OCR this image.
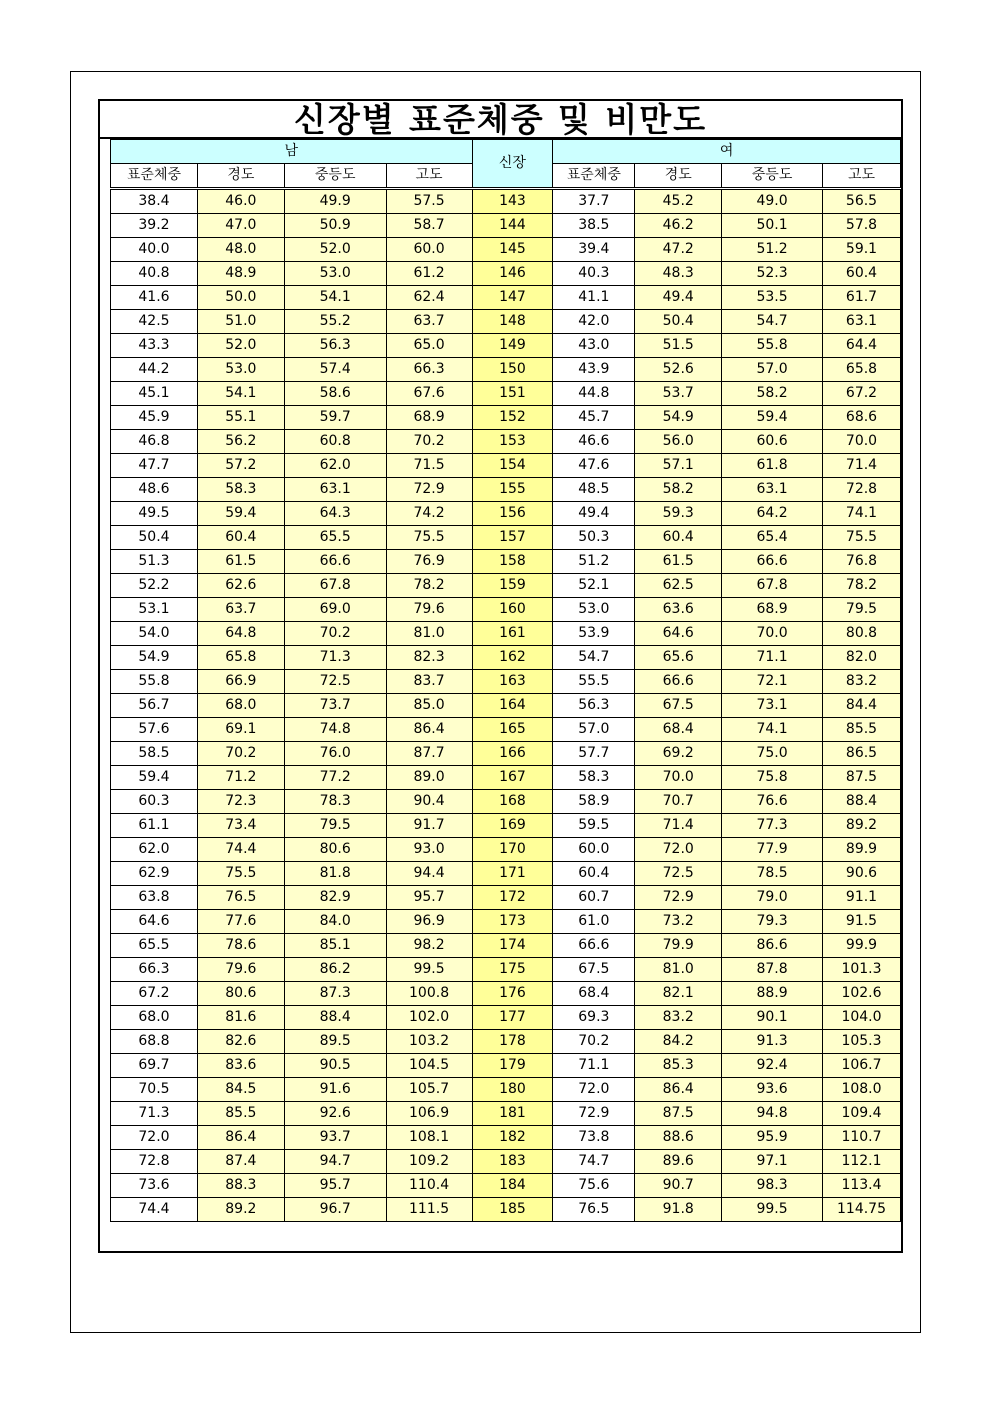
신장별 표준체중 및 비만도
남				신장	여			
표준체중	경도	중등도	고도		표준체중	경도	중등도	고도
38.4	46.0	49.9	57.5	143	37.7	45.2	49.0	56.5
39.2	47.0	50.9	58.7	144	38.5	46.2	50.1	57.8
40.0	48.0	52.0	60.0	145	39.4	47.2	51.2	59.1
40.8	48.9	53.0	61.2	146	40.3	48.3	52.3	60.4
41.6	50.0	54.1	62.4	147	41.1	49.4	53.5	61.7
42.5	51.0	55.2	63.7	148	42.0	50.4	54.7	63.1
43.3	52.0	56.3	65.0	149	43.0	51.5	55.8	64.4
44.2	53.0	57.4	66.3	150	43.9	52.6	57.0	65.8
45.1	54.1	58.6	67.6	151	44.8	53.7	58.2	67.2
45.9	55.1	59.7	68.9	152	45.7	54.9	59.4	68.6
46.8	56.2	60.8	70.2	153	46.6	56.0	60.6	70.0
47.7	57.2	62.0	71.5	154	47.6	57.1	61.8	71.4
48.6	58.3	63.1	72.9	155	48.5	58.2	63.1	72.8
49.5	59.4	64.3	74.2	156	49.4	59.3	64.2	74.1
50.4	60.4	65.5	75.5	157	50.3	60.4	65.4	75.5
51.3	61.5	66.6	76.9	158	51.2	61.5	66.6	76.8
52.2	62.6	67.8	78.2	159	52.1	62.5	67.8	78.2
53.1	63.7	69.0	79.6	160	53.0	63.6	68.9	79.5
54.0	64.8	70.2	81.0	161	53.9	64.6	70.0	80.8
54.9	65.8	71.3	82.3	162	54.7	65.6	71.1	82.0
55.8	66.9	72.5	83.7	163	55.5	66.6	72.1	83.2
56.7	68.0	73.7	85.0	164	56.3	67.5	73.1	84.4
57.6	69.1	74.8	86.4	165	57.0	68.4	74.1	85.5
58.5	70.2	76.0	87.7	166	57.7	69.2	75.0	86.5
59.4	71.2	77.2	89.0	167	58.3	70.0	75.8	87.5
60.3	72.3	78.3	90.4	168	58.9	70.7	76.6	88.4
61.1	73.4	79.5	91.7	169	59.5	71.4	77.3	89.2
62.0	74.4	80.6	93.0	170	60.0	72.0	77.9	89.9
62.9	75.5	81.8	94.4	171	60.4	72.5	78.5	90.6
63.8	76.5	82.9	95.7	172	60.7	72.9	79.0	91.1
64.6	77.6	84.0	96.9	173	61.0	73.2	79.3	91.5
65.5	78.6	85.1	98.2	174	66.6	79.9	86.6	99.9
66.3	79.6	86.2	99.5	175	67.5	81.0	87.8	101.3
67.2	80.6	87.3	100.8	176	68.4	82.1	88.9	102.6
68.0	81.6	88.4	102.0	177	69.3	83.2	90.1	104.0
68.8	82.6	89.5	103.2	178	70.2	84.2	91.3	105.3
69.7	83.6	90.5	104.5	179	71.1	85.3	92.4	106.7
70.5	84.5	91.6	105.7	180	72.0	86.4	93.6	108.0
71.3	85.5	92.6	106.9	181	72.9	87.5	94.8	109.4
72.0	86.4	93.7	108.1	182	73.8	88.6	95.9	110.7
72.8	87.4	94.7	109.2	183	74.7	89.6	97.1	112.1
73.6	88.3	95.7	110.4	184	75.6	90.7	98.3	113.4
74.4	89.2	96.7	111.5	185	76.5	91.8	99.5	114.75
